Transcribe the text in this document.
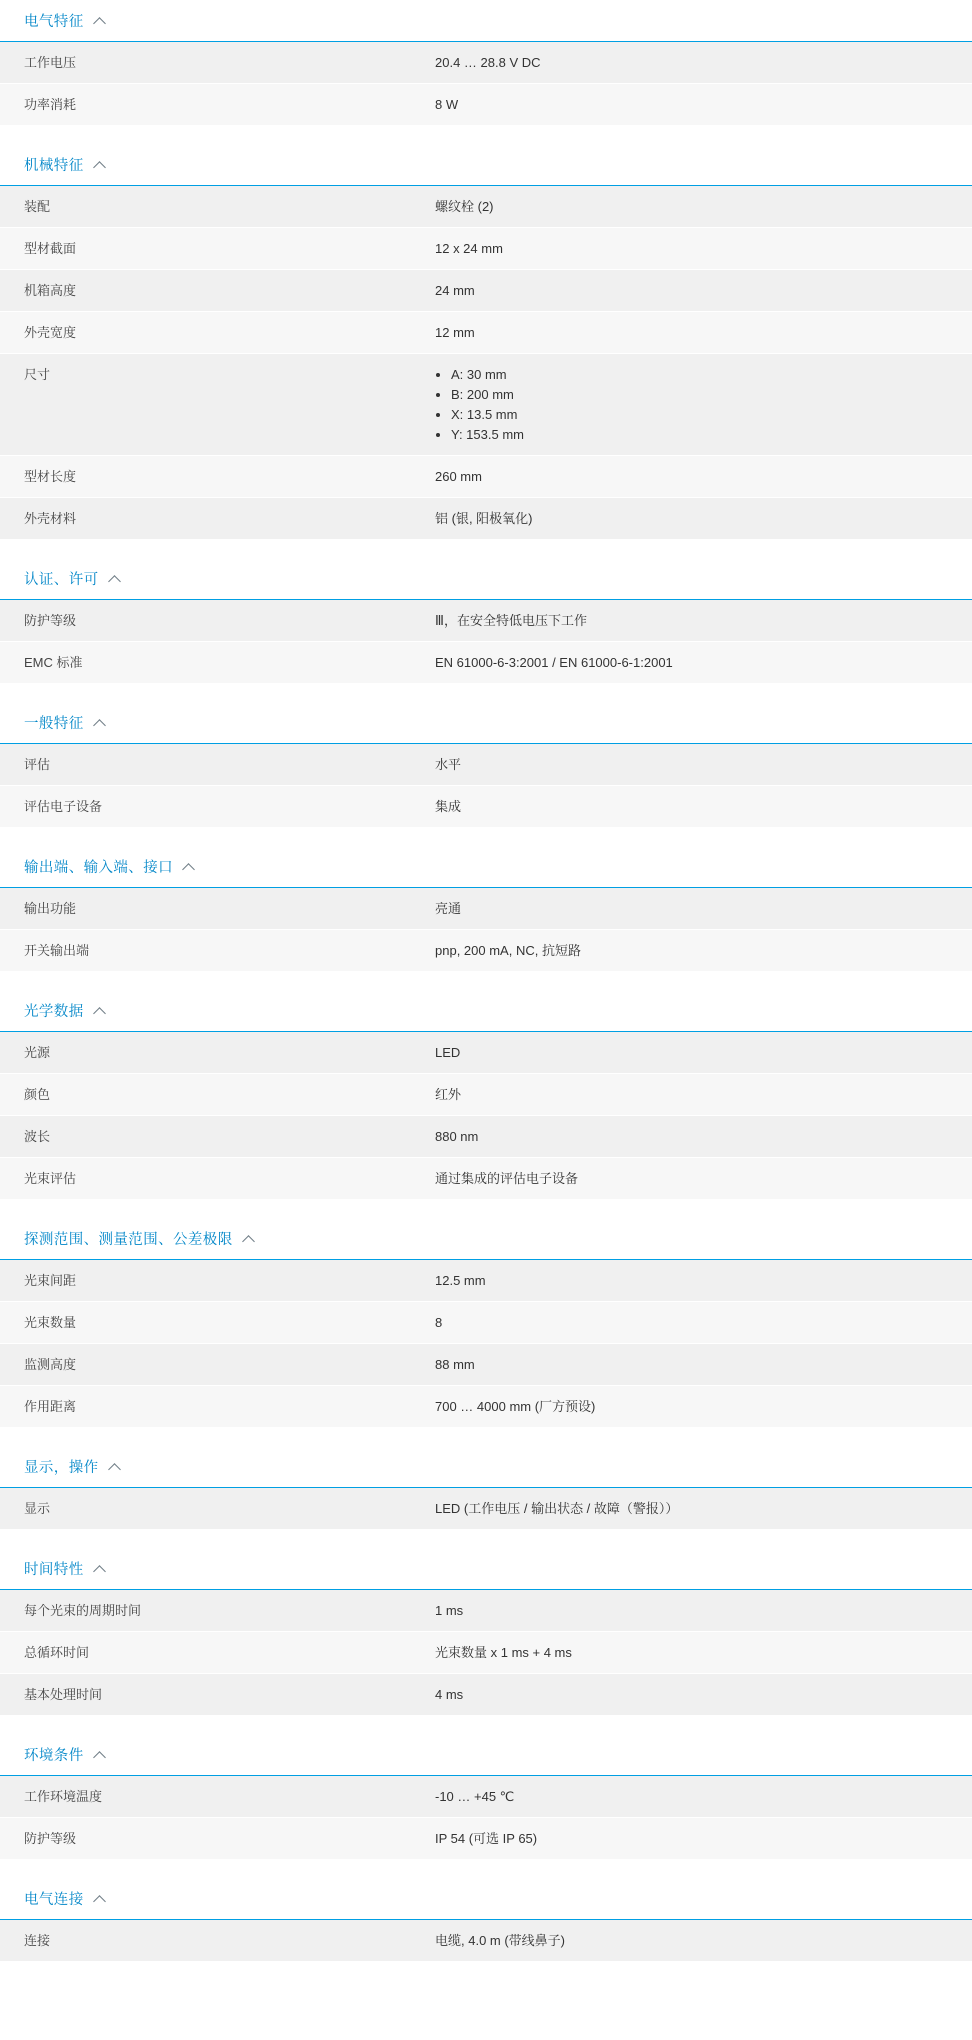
电气特征
工作电压	20.4 … 28.8 V DC
功率消耗	8 W
机械特征
装配	螺纹栓 (2)
型材截面	12 x 24 mm
机箱高度	24 mm
外壳宽度	12 mm
尺寸	• A: 30 mm
• B: 200 mm
• X: 13.5 mm
• Y: 153.5 mm
型材长度	260 mm
外壳材料	铝 (银, 阳极氧化)
认证、许可
防护等级	Ⅲ，在安全特低电压下工作
EMC 标准	EN 61000-6-3:2001 / EN 61000-6-1:2001
一般特征
评估	水平
评估电子设备	集成
输出端、输入端、接口
输出功能	亮通
开关输出端	pnp, 200 mA, NC, 抗短路
光学数据
光源	LED
颜色	红外
波长	880 nm
光束评估	通过集成的评估电子设备
探测范围、测量范围、公差极限
光束间距	12.5 mm
光束数量	8
监测高度	88 mm
作用距离	700 … 4000 mm (厂方预设)
显示，操作
显示	LED (工作电压 / 输出状态 / 故障（警报））
时间特性
每个光束的周期时间	1 ms
总循环时间	光束数量 x 1 ms + 4 ms
基本处理时间	4 ms
环境条件
工作环境温度	-10 … +45 ℃
防护等级	IP 54 (可选 IP 65)
电气连接
连接	电缆, 4.0 m (带线鼻子)
